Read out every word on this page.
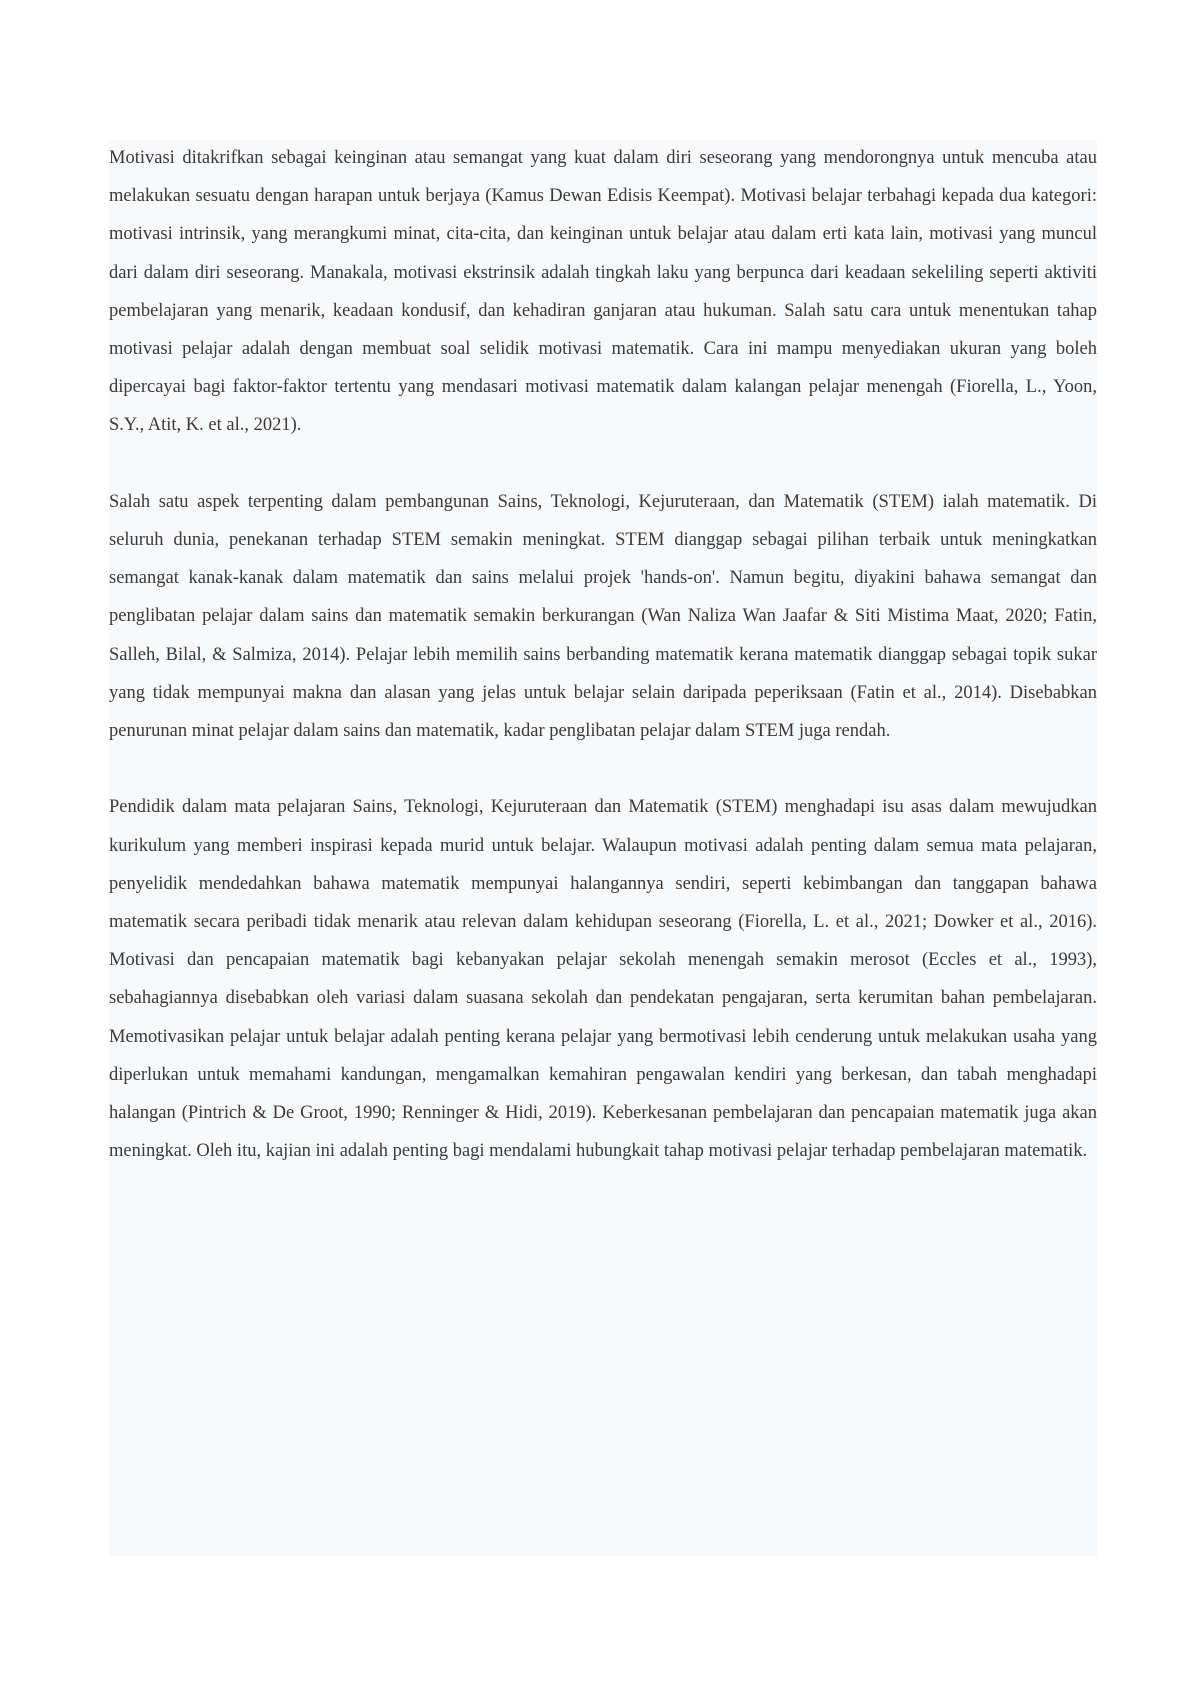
Motivasi ditakrifkan sebagai keinginan atau semangat yang kuat dalam diri seseorang yang mendorongnya untuk mencuba atau melakukan sesuatu dengan harapan untuk berjaya (Kamus Dewan Edisis Keempat). Motivasi belajar terbahagi kepada dua kategori: motivasi intrinsik, yang merangkumi minat, cita-cita, dan keinginan untuk belajar atau dalam erti kata lain, motivasi yang muncul dari dalam diri seseorang. Manakala, motivasi ekstrinsik adalah tingkah laku yang berpunca dari keadaan sekeliling seperti aktiviti pembelajaran yang menarik, keadaan kondusif, dan kehadiran ganjaran atau hukuman. Salah satu cara untuk menentukan tahap motivasi pelajar adalah dengan membuat soal selidik motivasi matematik. Cara ini mampu menyediakan ukuran yang boleh dipercayai bagi faktor-faktor tertentu yang mendasari motivasi matematik dalam kalangan pelajar menengah (Fiorella, L., Yoon, S.Y., Atit, K. et al., 2021).

Salah satu aspek terpenting dalam pembangunan Sains, Teknologi, Kejuruteraan, dan Matematik (STEM) ialah matematik. Di seluruh dunia, penekanan terhadap STEM semakin meningkat. STEM dianggap sebagai pilihan terbaik untuk meningkatkan semangat kanak-kanak dalam matematik dan sains melalui projek 'hands-on'. Namun begitu, diyakini bahawa semangat dan penglibatan pelajar dalam sains dan matematik semakin berkurangan (Wan Naliza Wan Jaafar & Siti Mistima Maat, 2020; Fatin, Salleh, Bilal, & Salmiza, 2014). Pelajar lebih memilih sains berbanding matematik kerana matematik dianggap sebagai topik sukar yang tidak mempunyai makna dan alasan yang jelas untuk belajar selain daripada peperiksaan (Fatin et al., 2014). Disebabkan penurunan minat pelajar dalam sains dan matematik, kadar penglibatan pelajar dalam STEM juga rendah.

Pendidik dalam mata pelajaran Sains, Teknologi, Kejuruteraan dan Matematik (STEM) menghadapi isu asas dalam mewujudkan kurikulum yang memberi inspirasi kepada murid untuk belajar. Walaupun motivasi adalah penting dalam semua mata pelajaran, penyelidik mendedahkan bahawa matematik mempunyai halangannya sendiri, seperti kebimbangan dan tanggapan bahawa matematik secara peribadi tidak menarik atau relevan dalam kehidupan seseorang (Fiorella, L. et al., 2021; Dowker et al., 2016). Motivasi dan pencapaian matematik bagi kebanyakan pelajar sekolah menengah semakin merosot (Eccles et al., 1993), sebahagiannya disebabkan oleh variasi dalam suasana sekolah dan pendekatan pengajaran, serta kerumitan bahan pembelajaran. Memotivasikan pelajar untuk belajar adalah penting kerana pelajar yang bermotivasi lebih cenderung untuk melakukan usaha yang diperlukan untuk memahami kandungan, mengamalkan kemahiran pengawalan kendiri yang berkesan, dan tabah menghadapi halangan (Pintrich & De Groot, 1990; Renninger & Hidi, 2019). Keberkesanan pembelajaran dan pencapaian matematik juga akan meningkat. Oleh itu, kajian ini adalah penting bagi mendalami hubungkait tahap motivasi pelajar terhadap pembelajaran matematik.
